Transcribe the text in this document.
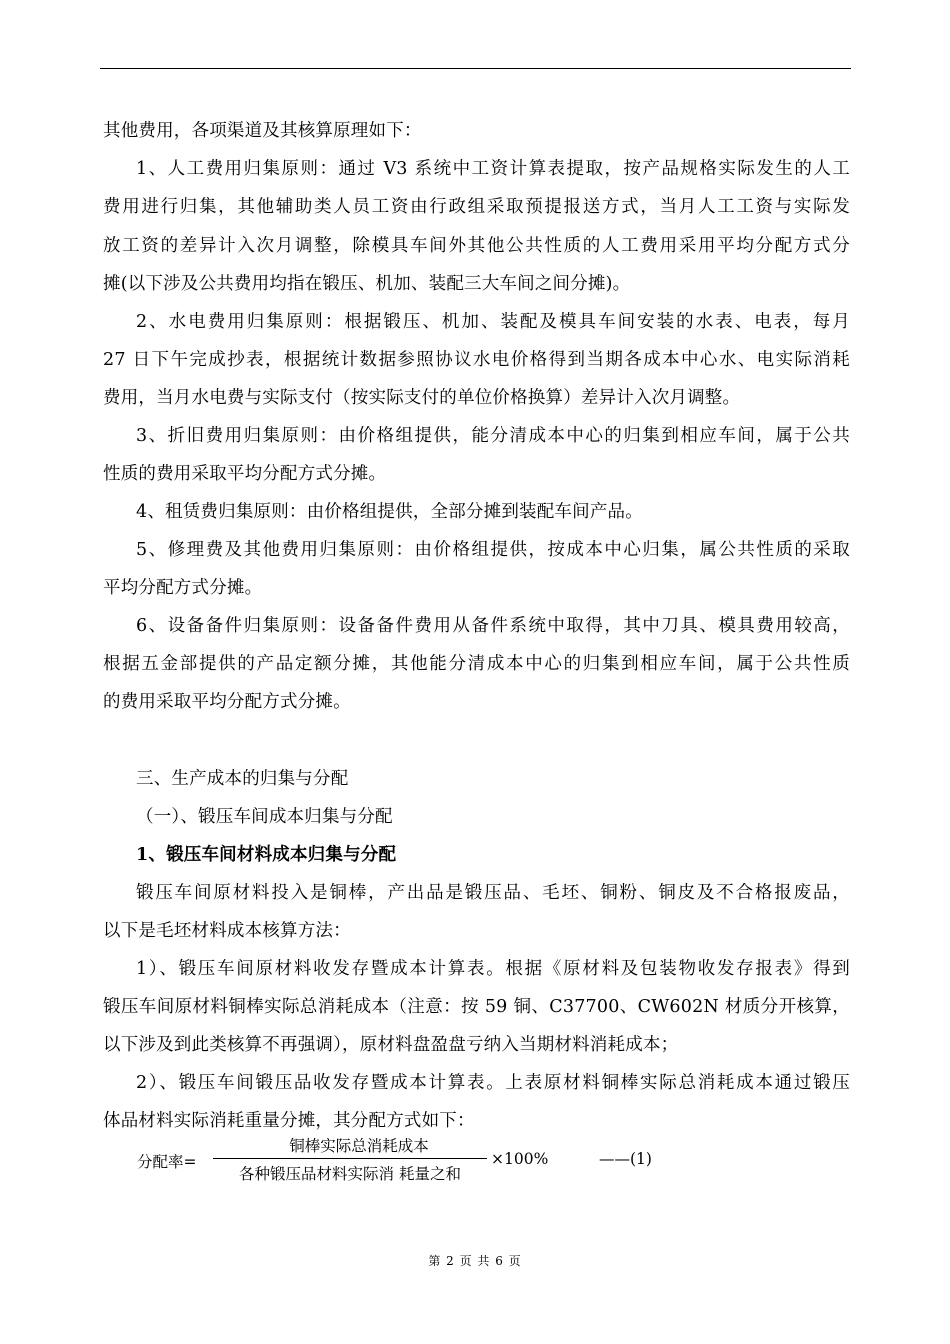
其他费用，各项渠道及其核算原理如下：
1、人工费用归集原则：通过 V3 系统中工资计算表提取，按产品规格实际发生的人工
费用进行归集，其他辅助类人员工资由行政组采取预提报送方式，当月人工工资与实际发
放工资的差异计入次月调整，除模具车间外其他公共性质的人工费用采用平均分配方式分
摊(以下涉及公共费用均指在锻压、机加、装配三大车间之间分摊)。
2、水电费用归集原则：根据锻压、机加、装配及模具车间安装的水表、电表，每月
27 日下午完成抄表，根据统计数据参照协议水电价格得到当期各成本中心水、电实际消耗
费用，当月水电费与实际支付（按实际支付的单位价格换算）差异计入次月调整。
3、折旧费用归集原则：由价格组提供，能分清成本中心的归集到相应车间，属于公共
性质的费用采取平均分配方式分摊。
4、租赁费归集原则：由价格组提供，全部分摊到装配车间产品。
5、修理费及其他费用归集原则：由价格组提供，按成本中心归集，属公共性质的采取
平均分配方式分摊。
6、设备备件归集原则：设备备件费用从备件系统中取得，其中刀具、模具费用较高，
根据五金部提供的产品定额分摊，其他能分清成本中心的归集到相应车间，属于公共性质
的费用采取平均分配方式分摊。
三、生产成本的归集与分配
（一）、锻压车间成本归集与分配
1、锻压车间材料成本归集与分配
锻压车间原材料投入是铜棒，产出品是锻压品、毛坯、铜粉、铜皮及不合格报废品，
以下是毛坯材料成本核算方法：
1）、锻压车间原材料收发存暨成本计算表。根据《原材料及包装物收发存报表》得到
锻压车间原材料铜棒实际总消耗成本（注意：按 59 铜、C37700、CW602N 材质分开核算，
以下涉及到此类核算不再强调），原材料盘盈盘亏纳入当期材料消耗成本；
2）、锻压车间锻压品收发存暨成本计算表。上表原材料铜棒实际总消耗成本通过锻压
体品材料实际消耗重量分摊，其分配方式如下：
分配率=
铜棒实际总消耗成本
各种锻压品材料实际消 耗量之和
×100%	——(1)
第 2 页 共 6 页
